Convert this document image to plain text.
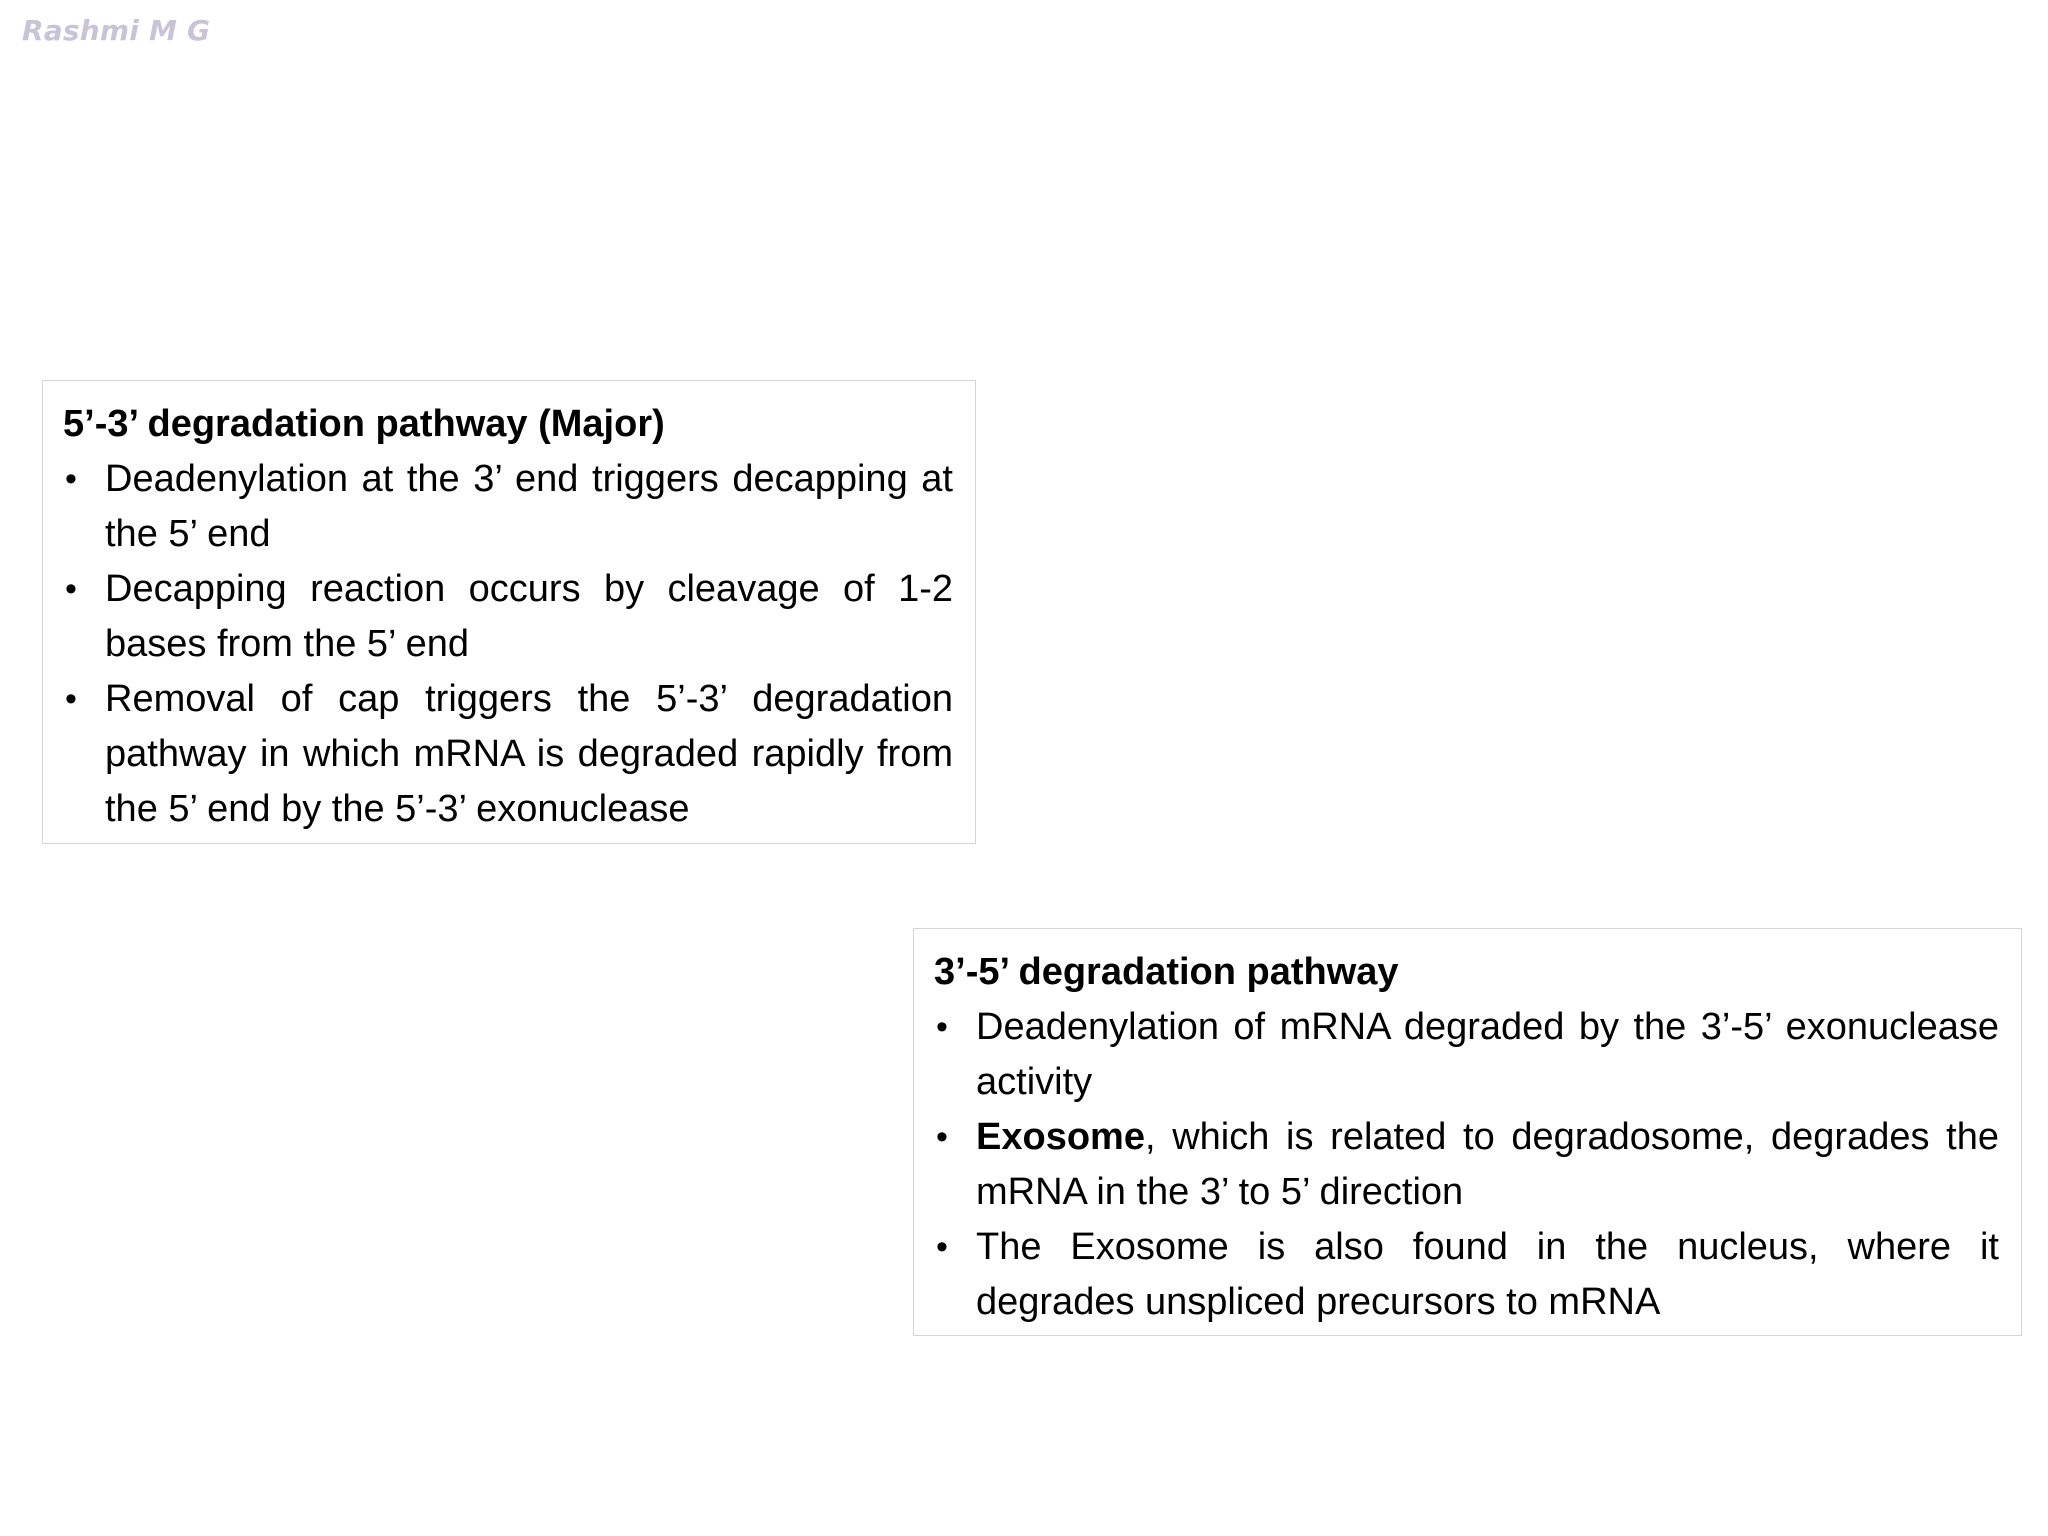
Rashmi M G

5’-3’ degradation pathway (Major)

• Deadenylation at the 3’ end triggers decapping at the 5’ end
• Decapping reaction occurs by cleavage of 1-2 bases from the 5’ end
• Removal of cap triggers the 5’-3’ degradation pathway in which mRNA is degraded rapidly from the 5’ end by the 5’-3’ exonuclease

3’-5’ degradation pathway

• Deadenylation of mRNA degraded by the 3’-5’ exonuclease activity
• Exosome, which is related to degradosome, degrades the mRNA in the 3’ to 5’ direction
• The Exosome is also found in the nucleus, where it degrades unspliced precursors to mRNA
